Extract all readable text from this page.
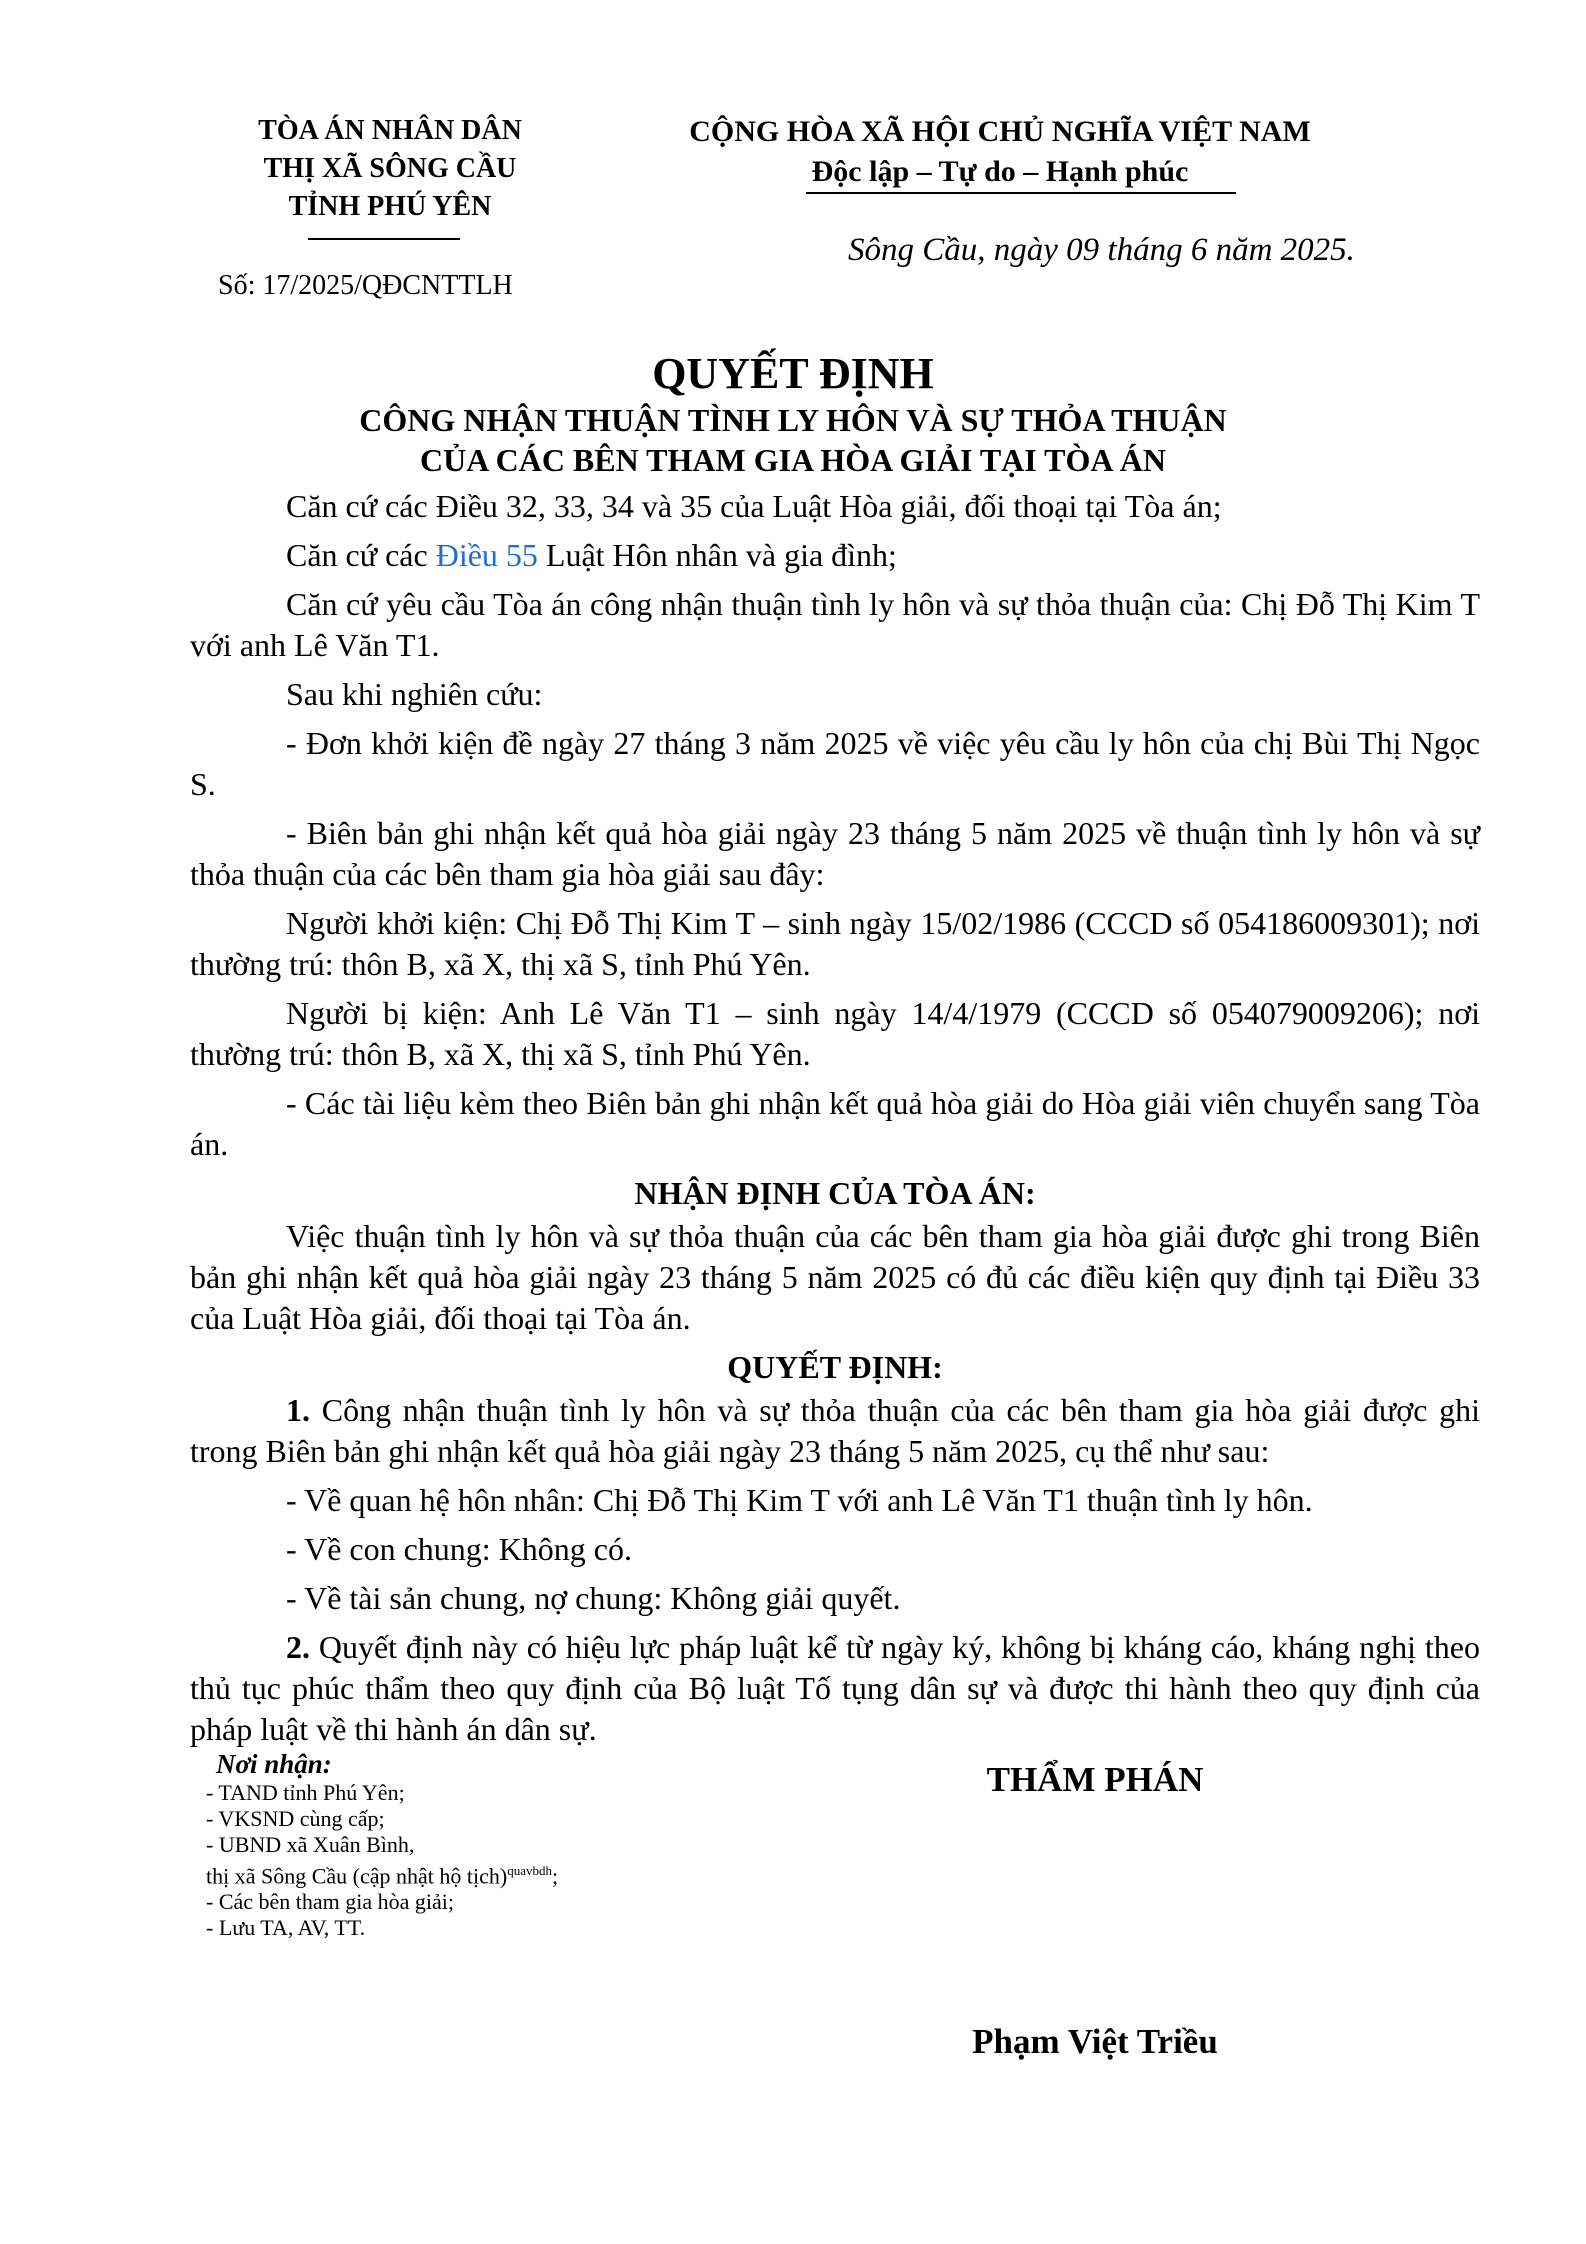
TÒA ÁN NHÂN DÂN
THỊ XÃ SÔNG CẦU
TỈNH PHÚ YÊN
Số: 17/2025/QĐCNTTLH
CỘNG HÒA XÃ HỘI CHỦ NGHĨA VIỆT NAM
Độc lập – Tự do – Hạnh phúc
Sông Cầu, ngày 09 tháng 6 năm 2025.
QUYẾT ĐỊNH
CÔNG NHẬN THUẬN TÌNH LY HÔN VÀ SỰ THỎA THUẬN
CỦA CÁC BÊN THAM GIA HÒA GIẢI TẠI TÒA ÁN

Căn cứ các Điều 32, 33, 34 và 35 của Luật Hòa giải, đối thoại tại Tòa án;

Căn cứ các Điều 55 Luật Hôn nhân và gia đình;

Căn cứ yêu cầu Tòa án công nhận thuận tình ly hôn và sự thỏa thuận của: Chị Đỗ Thị Kim T với anh Lê Văn T1.

Sau khi nghiên cứu:

- Đơn khởi kiện đề ngày 27 tháng 3 năm 2025 về việc yêu cầu ly hôn của chị Bùi Thị Ngọc S.

- Biên bản ghi nhận kết quả hòa giải ngày 23 tháng 5 năm 2025 về thuận tình ly hôn và sự thỏa thuận của các bên tham gia hòa giải sau đây:

Người khởi kiện: Chị Đỗ Thị Kim T – sinh ngày 15/02/1986 (CCCD số 054186009301); nơi thường trú: thôn B, xã X, thị xã S, tỉnh Phú Yên.

Người bị kiện: Anh Lê Văn T1 – sinh ngày 14/4/1979 (CCCD số 054079009206); nơi thường trú: thôn B, xã X, thị xã S, tỉnh Phú Yên.

- Các tài liệu kèm theo Biên bản ghi nhận kết quả hòa giải do Hòa giải viên chuyển sang Tòa án.

NHẬN ĐỊNH CỦA TÒA ÁN:

Việc thuận tình ly hôn và sự thỏa thuận của các bên tham gia hòa giải được ghi trong Biên bản ghi nhận kết quả hòa giải ngày 23 tháng 5 năm 2025 có đủ các điều kiện quy định tại Điều 33 của Luật Hòa giải, đối thoại tại Tòa án.

QUYẾT ĐỊNH:

1. Công nhận thuận tình ly hôn và sự thỏa thuận của các bên tham gia hòa giải được ghi trong Biên bản ghi nhận kết quả hòa giải ngày 23 tháng 5 năm 2025, cụ thể như sau:

- Về quan hệ hôn nhân: Chị Đỗ Thị Kim T với anh Lê Văn T1 thuận tình ly hôn.

- Về con chung: Không có.

- Về tài sản chung, nợ chung: Không giải quyết.

2. Quyết định này có hiệu lực pháp luật kể từ ngày ký, không bị kháng cáo, kháng nghị theo thủ tục phúc thẩm theo quy định của Bộ luật Tố tụng dân sự và được thi hành theo quy định của pháp luật về thi hành án dân sự.

Nơi nhận:
- TAND tỉnh Phú Yên;
- VKSND cùng cấp;
- UBND xã Xuân Bình,
thị xã Sông Cầu (cập nhật hộ tịch)$^{quavbdh}$;
- Các bên tham gia hòa giải;
- Lưu TA, AV, TT.
THẨM PHÁN
Phạm Việt Triều
